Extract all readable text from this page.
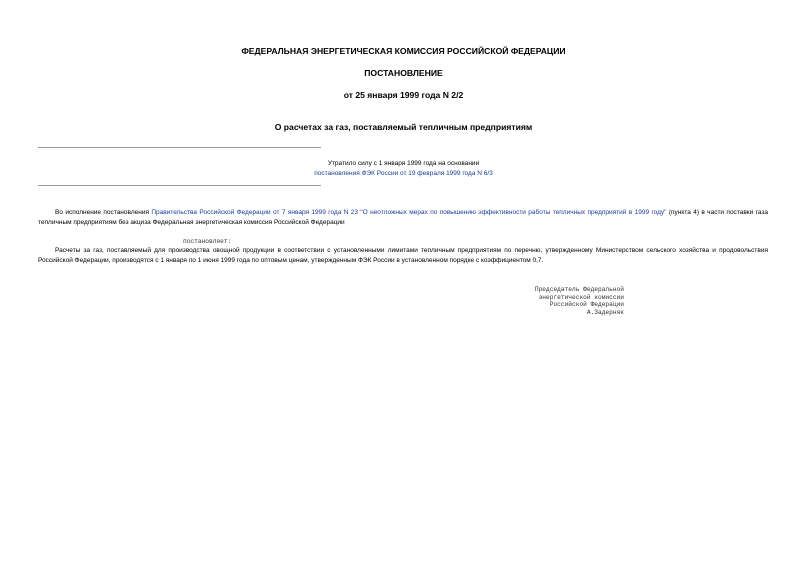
ФЕДЕРАЛЬНАЯ ЭНЕРГЕТИЧЕСКАЯ КОМИССИЯ РОССИЙСКОЙ ФЕДЕРАЦИИ
ПОСТАНОВЛЕНИЕ
от 25 января 1999 года N 2/2
О расчетах за газ, поставляемый тепличным предприятиям
Утратило силу с 1 января 1999 года на основании
постановления ФЭК России от 19 февраля 1999 года N 6/3
Во исполнение постановления Правительства Российской Федерации от 7 января 1999 года N 23 "О неотложных мерах по повышению эффективности работы тепличных предприятий в 1999 году" (пункта 4) в части поставки газа тепличным предприятиям без акциза Федеральная энергетическая комиссия Российской Федерации
постановляет:
Расчеты за газ, поставляемый для производства овощной продукции в соответствии с установленными лимитами тепличным предприятиям по перечню, утвержденному Министерством сельского хозяйства и продовольствия Российской Федерации, производятся с 1 января по 1 июня 1999 года по оптовым ценам, утвержденным ФЭК России в установленном порядке с коэффициентом 0,7.
Председатель Федеральной
энергетической комиссии
Российской Федерации
А.Задерняк
